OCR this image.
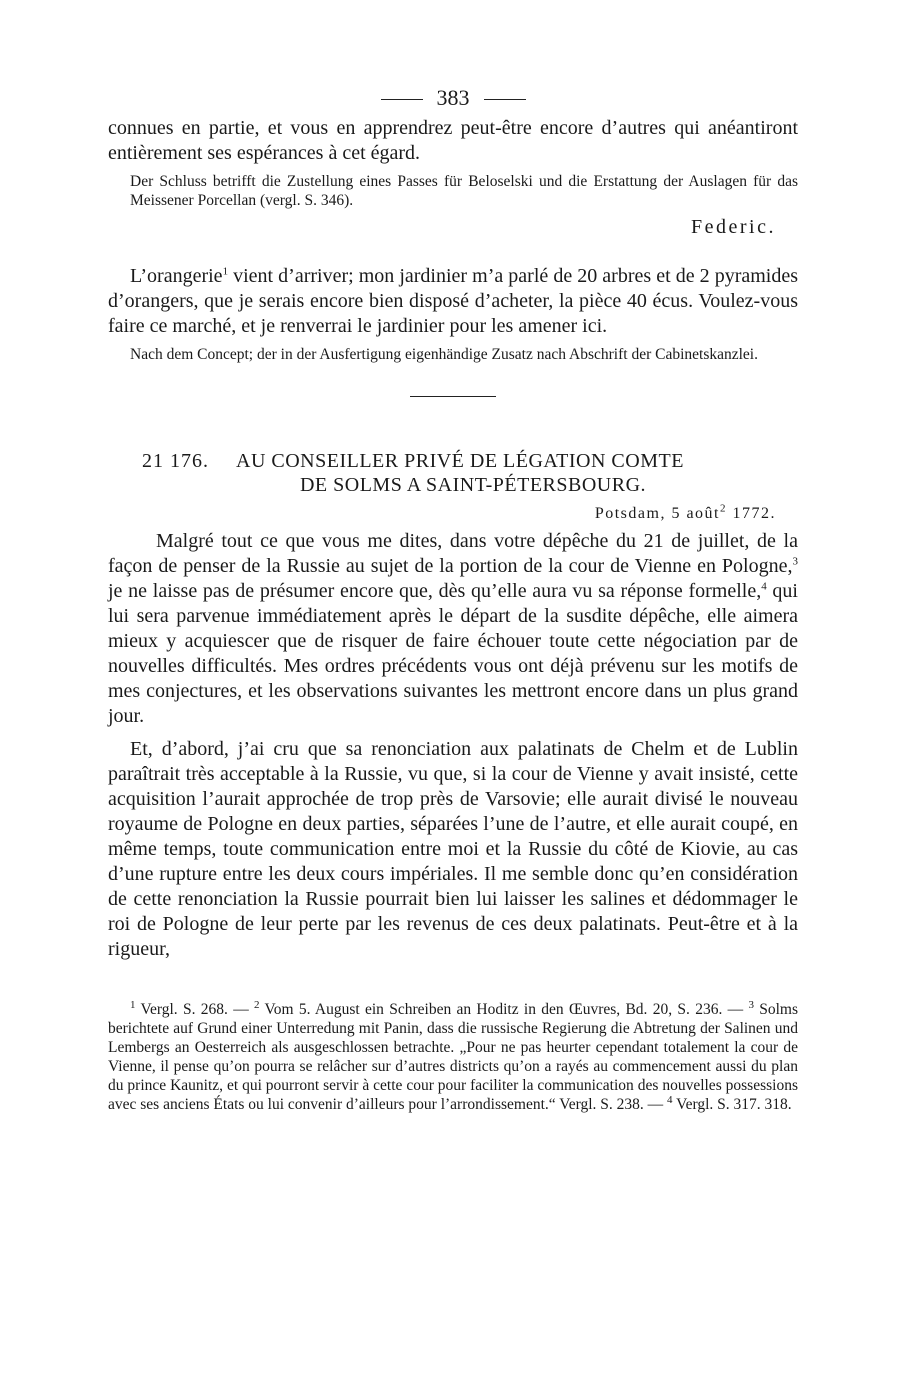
383

connues en partie, et vous en apprendrez peut-être encore d’autres qui anéantiront entièrement ses espérances à cet égard.

Der Schluss betrifft die Zustellung eines Passes für Beloselski und die Erstattung der Auslagen für das Meissener Porcellan (vergl. S. 346).

Federic.

L’orangerie$^1$ vient d’arriver; mon jardinier m’a parlé de 20 arbres et de 2 pyramides d’orangers, que je serais encore bien disposé d’acheter, la pièce 40 écus. Voulez-vous faire ce marché, et je renverrai le jardinier pour les amener ici.

Nach dem Concept; der in der Ausfertigung eigenhändige Zusatz nach Abschrift der Cabinetskanzlei.

21 176.	AU CONSEILLER PRIVÉ DE LÉGATION COMTE
DE SOLMS A SAINT-PÉTERSBOURG.
Potsdam, 5 août$^2$ 1772.

Malgré tout ce que vous me dites, dans votre dépêche du 21 de juillet, de la façon de penser de la Russie au sujet de la portion de la cour de Vienne en Pologne,$^3$ je ne laisse pas de présumer encore que, dès qu’elle aura vu sa réponse formelle,$^4$ qui lui sera parvenue immédiatement après le départ de la susdite dépêche, elle aimera mieux y acquiescer que de risquer de faire échouer toute cette négociation par de nouvelles difficultés. Mes ordres précédents vous ont déjà prévenu sur les motifs de mes conjectures, et les observations suivantes les mettront encore dans un plus grand jour.

Et, d’abord, j’ai cru que sa renonciation aux palatinats de Chelm et de Lublin paraîtrait très acceptable à la Russie, vu que, si la cour de Vienne y avait insisté, cette acquisition l’aurait approchée de trop près de Varsovie; elle aurait divisé le nouveau royaume de Pologne en deux parties, séparées l’une de l’autre, et elle aurait coupé, en même temps, toute communication entre moi et la Russie du côté de Kiovie, au cas d’une rupture entre les deux cours impériales. Il me semble donc qu’en considération de cette renonciation la Russie pourrait bien lui laisser les salines et dédommager le roi de Pologne de leur perte par les revenus de ces deux palatinats. Peut-être et à la rigueur,

$^1$ Vergl. S. 268. — $^2$ Vom 5. August ein Schreiben an Hoditz in den Œuvres, Bd. 20, S. 236. — $^3$ Solms berichtete auf Grund einer Unterredung mit Panin, dass die russische Regierung die Abtretung der Salinen und Lembergs an Oesterreich als ausgeschlossen betrachte. „Pour ne pas heurter cependant totalement la cour de Vienne, il pense qu’on pourra se relâcher sur d’autres districts qu’on a rayés au commencement aussi du plan du prince Kaunitz, et qui pourront servir à cette cour pour faciliter la communication des nouvelles possessions avec ses anciens États ou lui convenir d’ailleurs pour l’arrondissement.“ Vergl. S. 238. — $^4$ Vergl. S. 317. 318.
